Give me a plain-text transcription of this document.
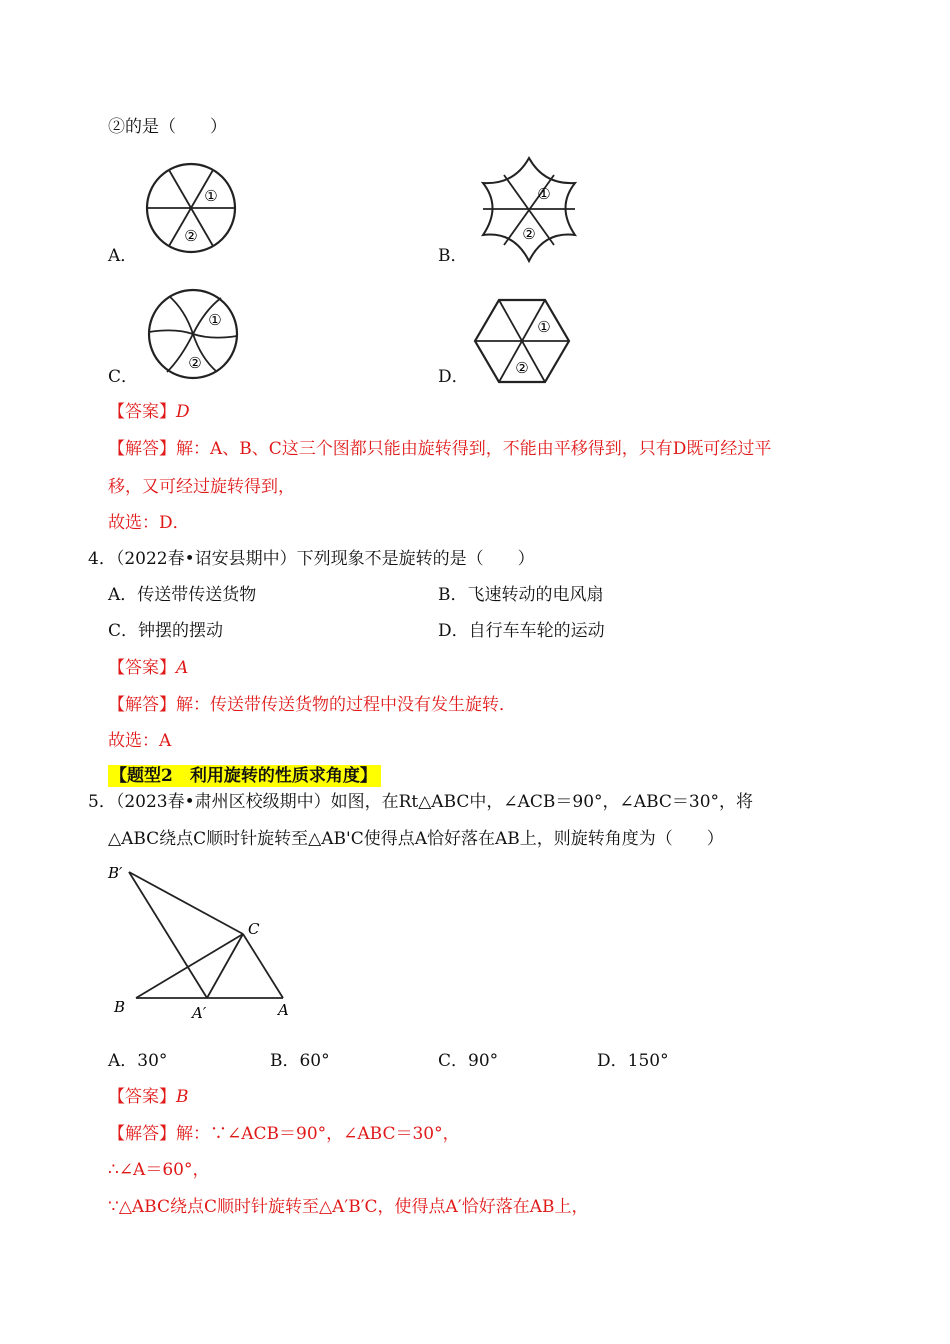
②的是（　　）
①
②
A．
①
②
B．
①
②
C．
①
②
D．
【答案】D
【解答】解：A、B、C这三个图都只能由旋转得到，不能由平移得到，只有D既可经过平
移，又可经过旋转得到，
故选：D．
4．（2022春•诏安县期中）下列现象不是旋转的是（　　）
A．传送带传送货物	B．飞速转动的电风扇
C．钟摆的摆动	D．自行车车轮的运动
【答案】A
【解答】解：传送带传送货物的过程中没有发生旋转．
故选：A
【题型2　利用旋转的性质求角度】
5．（2023春•肃州区校级期中）如图，在Rt△ABC中，∠ACB＝90°，∠ABC＝30°，将
△ABC绕点C顺时针旋转至△AB'C使得点A恰好落在AB上，则旋转角度为（　　）
B′
C
B	A′	A
A．30°	B．60°	C．90°	D．150°
【答案】B
【解答】解：∵∠ACB＝90°，∠ABC＝30°，
∴∠A＝60°，
∵△ABC绕点C顺时针旋转至△A′B′C，使得点A′恰好落在AB上，
